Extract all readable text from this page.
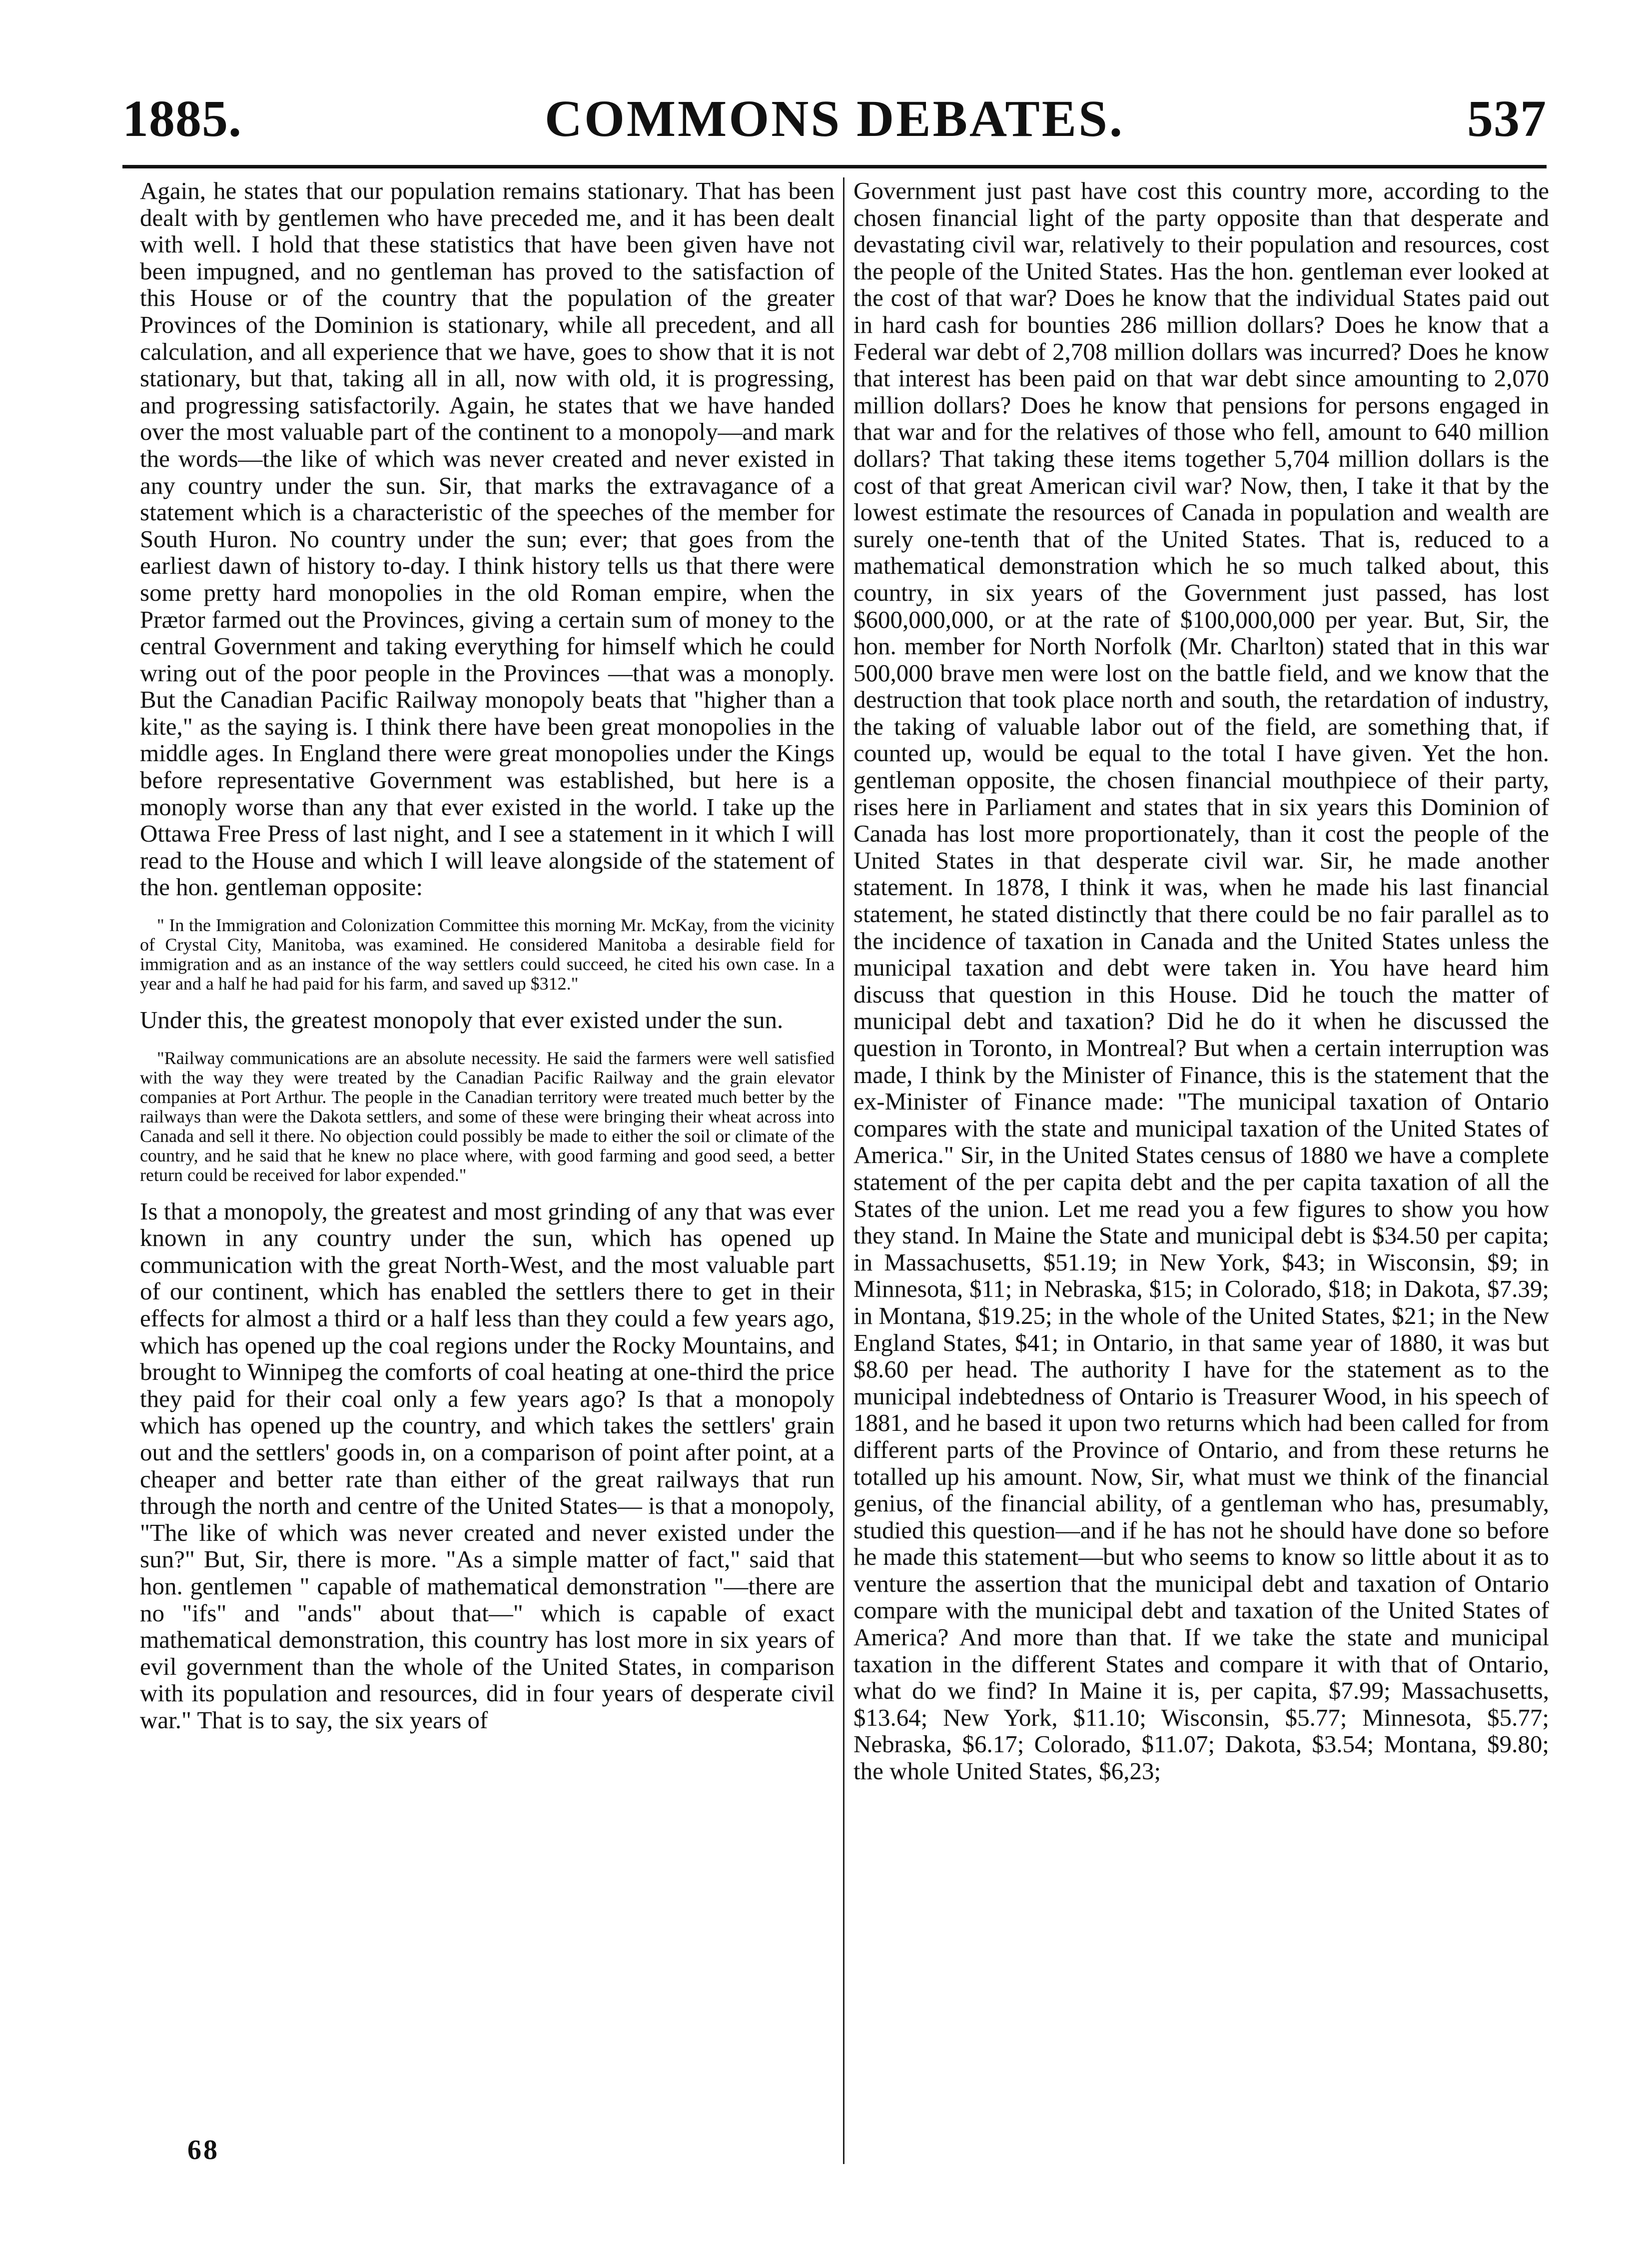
1885.	COMMONS DEBATES.	537

Again, he states that our population remains stationary. That has been dealt with by gentlemen who have preceded me, and it has been dealt with well. I hold that these statistics that have been given have not been impugned, and no gentleman has proved to the satisfaction of this House or of the country that the population of the greater Provinces of the Dominion is stationary, while all precedent, and all calculation, and all experience that we have, goes to show that it is not stationary, but that, taking all in all, now with old, it is progressing, and progressing satisfactorily. Again, he states that we have handed over the most valuable part of the continent to a monopoly—and mark the words—the like of which was never created and never existed in any country under the sun. Sir, that marks the extravagance of a statement which is a characteristic of the speeches of the member for South Huron. No country under the sun; ever; that goes from the earliest dawn of history to-day. I think history tells us that there were some pretty hard monopolies in the old Roman empire, when the Prætor farmed out the Provinces, giving a certain sum of money to the central Government and taking everything for himself which he could wring out of the poor people in the Provinces —that was a monoply. But the Canadian Pacific Railway monopoly beats that "higher than a kite," as the saying is. I think there have been great monopolies in the middle ages. In England there were great monopolies under the Kings before representative Government was established, but here is a monoply worse than any that ever existed in the world. I take up the Ottawa Free Press of last night, and I see a statement in it which I will read to the House and which I will leave alongside of the statement of the hon. gentleman opposite:

" In the Immigration and Colonization Committee this morning Mr. McKay, from the vicinity of Crystal City, Manitoba, was examined. He considered Manitoba a desirable field for immigration and as an instance of the way settlers could succeed, he cited his own case. In a year and a half he had paid for his farm, and saved up $312."

Under this, the greatest monopoly that ever existed under the sun.

"Railway communications are an absolute necessity. He said the farmers were well satisfied with the way they were treated by the Canadian Pacific Railway and the grain elevator companies at Port Arthur. The people in the Canadian territory were treated much better by the railways than were the Dakota settlers, and some of these were bringing their wheat across into Canada and sell it there. No objection could possibly be made to either the soil or climate of the country, and he said that he knew no place where, with good farming and good seed, a better return could be received for labor expended."

Is that a monopoly, the greatest and most grinding of any that was ever known in any country under the sun, which has opened up communication with the great North-West, and the most valuable part of our continent, which has enabled the settlers there to get in their effects for almost a third or a half less than they could a few years ago, which has opened up the coal regions under the Rocky Mountains, and brought to Winnipeg the comforts of coal heating at one-third the price they paid for their coal only a few years ago? Is that a monopoly which has opened up the country, and which takes the settlers' grain out and the settlers' goods in, on a comparison of point after point, at a cheaper and better rate than either of the great railways that run through the north and centre of the United States— is that a monopoly, "The like of which was never created and never existed under the sun?" But, Sir, there is more. "As a simple matter of fact," said that hon. gentlemen " capable of mathematical demonstration "—there are no "ifs" and "ands" about that—" which is capable of exact mathematical demonstration, this country has lost more in six years of evil government than the whole of the United States, in comparison with its population and resources, did in four years of desperate civil war." That is to say, the six years of

Government just past have cost this country more, according to the chosen financial light of the party opposite than that desperate and devastating civil war, relatively to their population and resources, cost the people of the United States. Has the hon. gentleman ever looked at the cost of that war? Does he know that the individual States paid out in hard cash for bounties 286 million dollars? Does he know that a Federal war debt of 2,708 million dollars was incurred? Does he know that interest has been paid on that war debt since amounting to 2,070 million dollars? Does he know that pensions for persons engaged in that war and for the relatives of those who fell, amount to 640 million dollars? That taking these items together 5,704 million dollars is the cost of that great American civil war? Now, then, I take it that by the lowest estimate the resources of Canada in population and wealth are surely one-tenth that of the United States. That is, reduced to a mathematical demonstration which he so much talked about, this country, in six years of the Government just passed, has lost $600,000,000, or at the rate of $100,000,000 per year. But, Sir, the hon. member for North Norfolk (Mr. Charlton) stated that in this war 500,000 brave men were lost on the battle field, and we know that the destruction that took place north and south, the retardation of industry, the taking of valuable labor out of the field, are something that, if counted up, would be equal to the total I have given. Yet the hon. gentleman opposite, the chosen financial mouthpiece of their party, rises here in Parliament and states that in six years this Dominion of Canada has lost more proportionately, than it cost the people of the United States in that desperate civil war. Sir, he made another statement. In 1878, I think it was, when he made his last financial statement, he stated distinctly that there could be no fair parallel as to the incidence of taxation in Canada and the United States unless the municipal taxation and debt were taken in. You have heard him discuss that question in this House. Did he touch the matter of municipal debt and taxation? Did he do it when he discussed the question in Toronto, in Montreal? But when a certain interruption was made, I think by the Minister of Finance, this is the statement that the ex-Minister of Finance made: "The municipal taxation of Ontario compares with the state and municipal taxation of the United States of America." Sir, in the United States census of 1880 we have a complete statement of the per capita debt and the per capita taxation of all the States of the union. Let me read you a few figures to show you how they stand. In Maine the State and municipal debt is $34.50 per capita; in Massachusetts, $51.19; in New York, $43; in Wisconsin, $9; in Minnesota, $11; in Nebraska, $15; in Colorado, $18; in Dakota, $7.39; in Montana, $19.25; in the whole of the United States, $21; in the New England States, $41; in Ontario, in that same year of 1880, it was but $8.60 per head. The authority I have for the statement as to the municipal indebtedness of Ontario is Treasurer Wood, in his speech of 1881, and he based it upon two returns which had been called for from different parts of the Province of Ontario, and from these returns he totalled up his amount. Now, Sir, what must we think of the financial genius, of the financial ability, of a gentleman who has, presumably, studied this question—and if he has not he should have done so before he made this statement—but who seems to know so little about it as to venture the assertion that the municipal debt and taxation of Ontario compare with the municipal debt and taxation of the United States of America? And more than that. If we take the state and municipal taxation in the different States and compare it with that of Ontario, what do we find? In Maine it is, per capita, $7.99; Massachusetts, $13.64; New York, $11.10; Wisconsin, $5.77; Minnesota, $5.77; Nebraska, $6.17; Colorado, $11.07; Dakota, $3.54; Montana, $9.80; the whole United States, $6,23;

68
